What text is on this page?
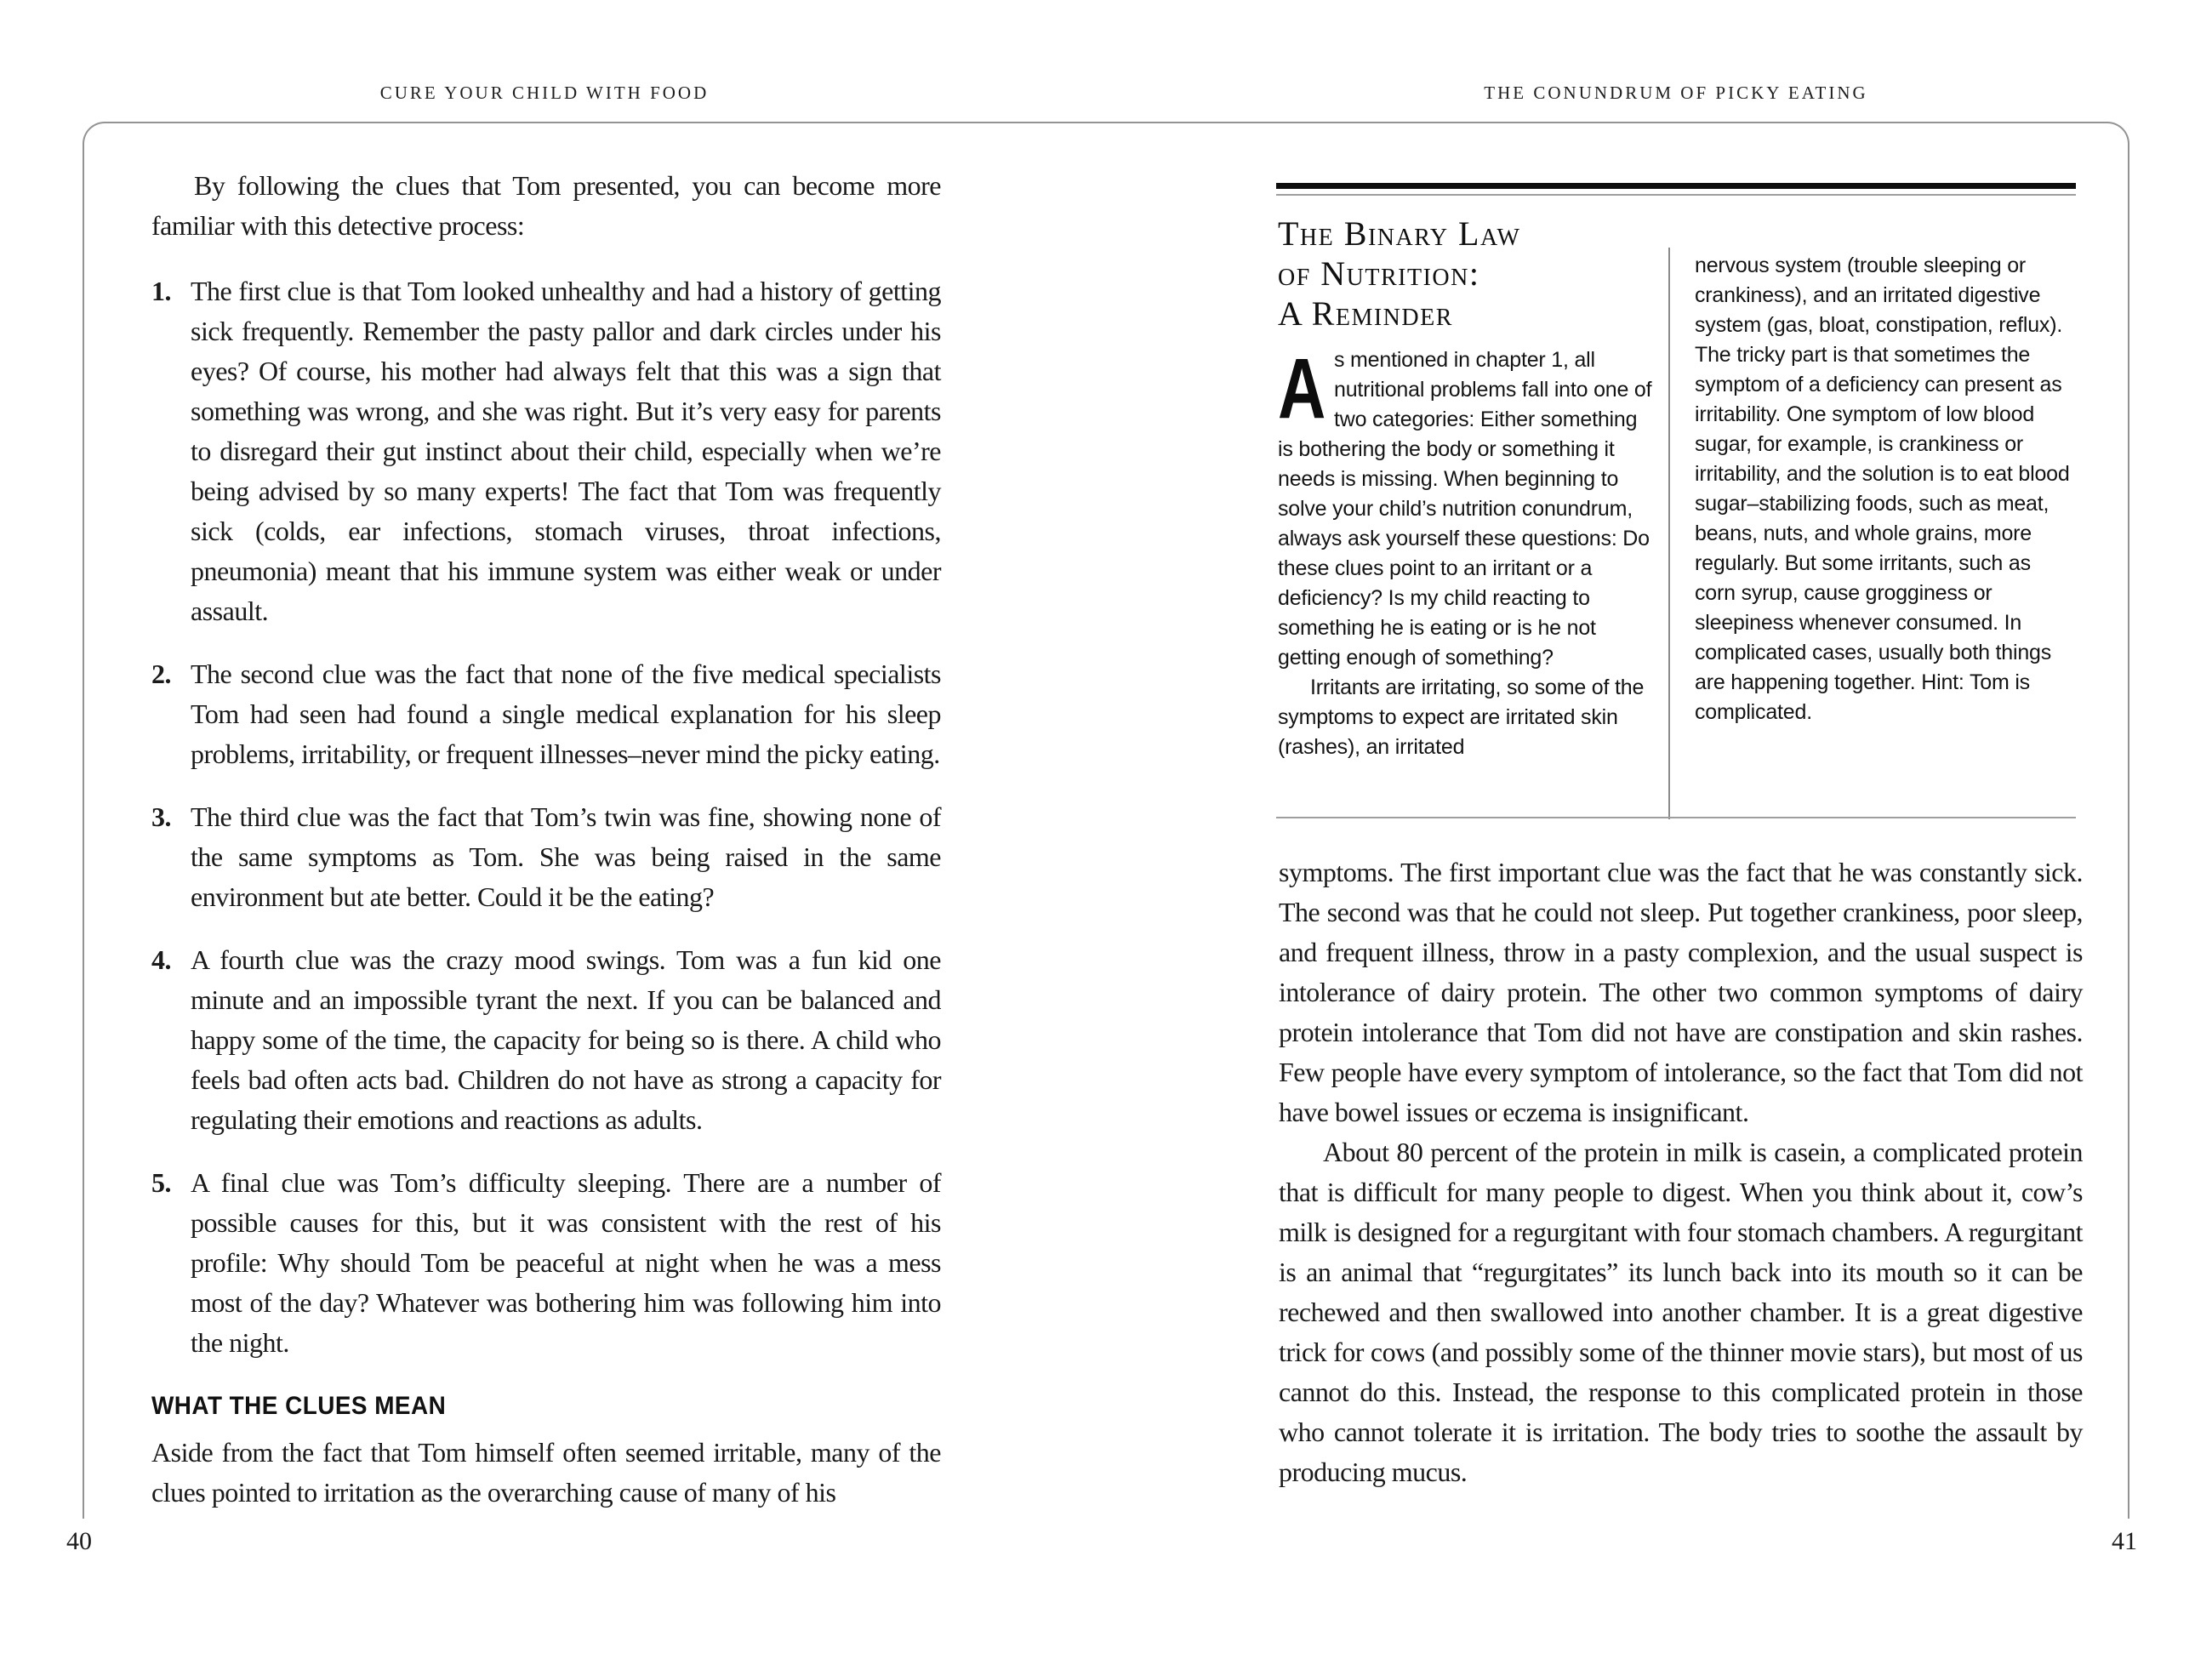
CURE YOUR CHILD WITH FOOD	THE CONUNDRUM OF PICKY EATING

By following the clues that Tom presented, you can become more familiar with this detective process:

1. The first clue is that Tom looked unhealthy and had a history of getting sick frequently. Remember the pasty pallor and dark circles under his eyes? Of course, his mother had always felt that this was a sign that something was wrong, and she was right. But it’s very easy for parents to disregard their gut instinct about their child, especially when we’re being advised by so many experts! The fact that Tom was frequently sick (colds, ear infections, stomach viruses, throat infections, pneumonia) meant that his immune system was either weak or under assault.
2. The second clue was the fact that none of the five medical specialists Tom had seen had found a single medical explanation for his sleep problems, irritability, or frequent illnesses–never mind the picky eating.
3. The third clue was the fact that Tom’s twin was fine, showing none of the same symptoms as Tom. She was being raised in the same environment but ate better. Could it be the eating?
4. A fourth clue was the crazy mood swings. Tom was a fun kid one minute and an impossible tyrant the next. If you can be balanced and happy some of the time, the capacity for being so is there. A child who feels bad often acts bad. Children do not have as strong a capacity for regulating their emotions and reactions as adults.
5. A final clue was Tom’s difficulty sleeping. There are a number of possible causes for this, but it was consistent with the rest of his profile: Why should Tom be peaceful at night when he was a mess most of the day? Whatever was bothering him was following him into the night.
WHAT THE CLUES MEAN

Aside from the fact that Tom himself often seemed irritable, many of the clues pointed to irritation as the overarching cause of many of his

The Binary Law
of Nutrition:
A Reminder
As mentioned in chapter 1, all nutritional problems fall into one of two categories: Either something is bothering the body or something it needs is missing. When beginning to solve your child’s nutrition conundrum, always ask yourself these questions: Do these clues point to an irritant or a deficiency? Is my child reacting to something he is eating or is he not getting enough of something?

Irritants are irritating, so some of the symptoms to expect are irritated skin (rashes), an irritated

nervous system (trouble sleeping or crankiness), and an irritated digestive system (gas, bloat, constipation, reflux). The tricky part is that sometimes the symptom of a deficiency can present as irritability. One symptom of low blood sugar, for example, is crankiness or irritability, and the solution is to eat blood sugar–stabilizing foods, such as meat, beans, nuts, and whole grains, more regularly. But some irritants, such as corn syrup, cause grogginess or sleepiness whenever consumed. In complicated cases, usually both things are happening together. Hint: Tom is complicated.

symptoms. The first important clue was the fact that he was constantly sick. The second was that he could not sleep. Put together crankiness, poor sleep, and frequent illness, throw in a pasty complexion, and the usual suspect is intolerance of dairy protein. The other two common symptoms of dairy protein intolerance that Tom did not have are constipation and skin rashes. Few people have every symptom of intolerance, so the fact that Tom did not have bowel issues or eczema is insignificant.

About 80 percent of the protein in milk is casein, a complicated protein that is difficult for many people to digest. When you think about it, cow’s milk is designed for a regurgitant with four stomach chambers. A regurgitant is an animal that “regurgitates” its lunch back into its mouth so it can be rechewed and then swallowed into another chamber. It is a great digestive trick for cows (and possibly some of the thinner movie stars), but most of us cannot do this. Instead, the response to this complicated protein in those who cannot tolerate it is irritation. The body tries to soothe the assault by producing mucus.

40	41
